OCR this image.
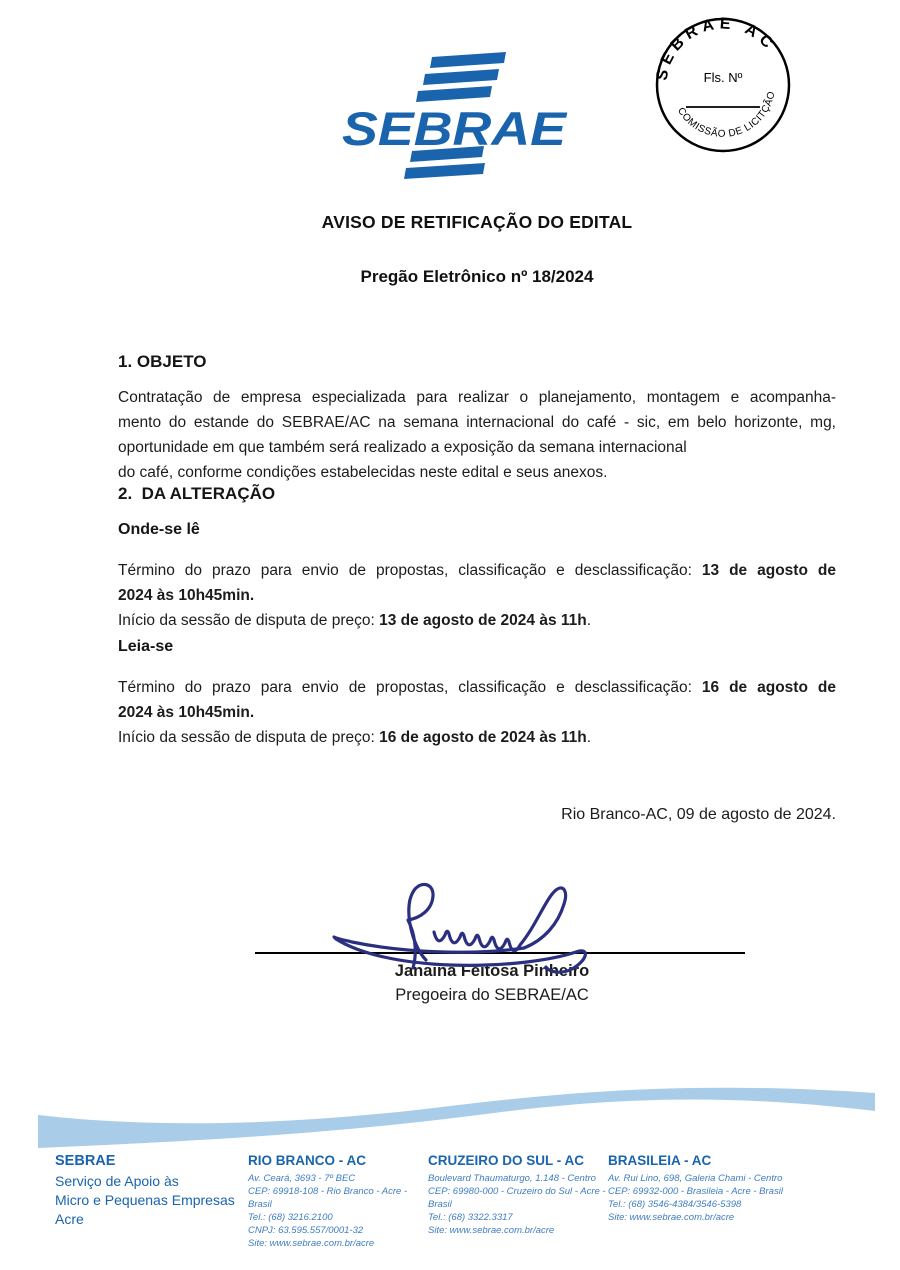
SEBRAE
SEBRAE AC
Fls. Nº
COMISSÃO DE LICITÇÃO
AVISO DE RETIFICAÇÃO DO EDITAL
Pregão Eletrônico nº 18/2024
1. OBJETO
Contratação de empresa especializada para realizar o planejamento, montagem e acompanha-
mento do estande do SEBRAE/AC na semana internacional do café - sic, em belo horizonte, mg,
oportunidade em que também será realizado a exposição da semana internacional
do café, conforme condições estabelecidas neste edital e seus anexos.
2.  DA ALTERAÇÃO
Onde-se lê
Término do prazo para envio de propostas, classificação e desclassificação: 13 de agosto de
2024 às 10h45min.
Início da sessão de disputa de preço: 13 de agosto de 2024 às 11h.
Leia-se
Término do prazo para envio de propostas, classificação e desclassificação: 16 de agosto de
2024 às 10h45min.
Início da sessão de disputa de preço: 16 de agosto de 2024 às 11h.
Rio Branco-AC, 09 de agosto de 2024.
Janaina Feitosa Pinheiro
Pregoeira do SEBRAE/AC
SEBRAE
Serviço de Apoio às
Micro e Pequenas Empresas
Acre
RIO BRANCO - AC
Av. Ceará, 3693 - 7º BEC
CEP: 69918-108 - Rio Branco - Acre - Brasil
Tel.: (68) 3216.2100
CNPJ: 63.595.557/0001-32
Site: www.sebrae.com.br/acre
CRUZEIRO DO SUL - AC
Boulevard Thaumaturgo, 1.148 - Centro
CEP: 69980-000 - Cruzeiro do Sul - Acre - Brasil
Tel.: (68) 3322.3317
Site: www.sebrae.com.br/acre
BRASILEIA - AC
Av. Rui Lino, 698, Galeria Chami - Centro
CEP: 69932-000 - Brasileia - Acre - Brasil
Tel.: (68) 3546-4384/3546-5398
Site: www.sebrae.com.br/acre
